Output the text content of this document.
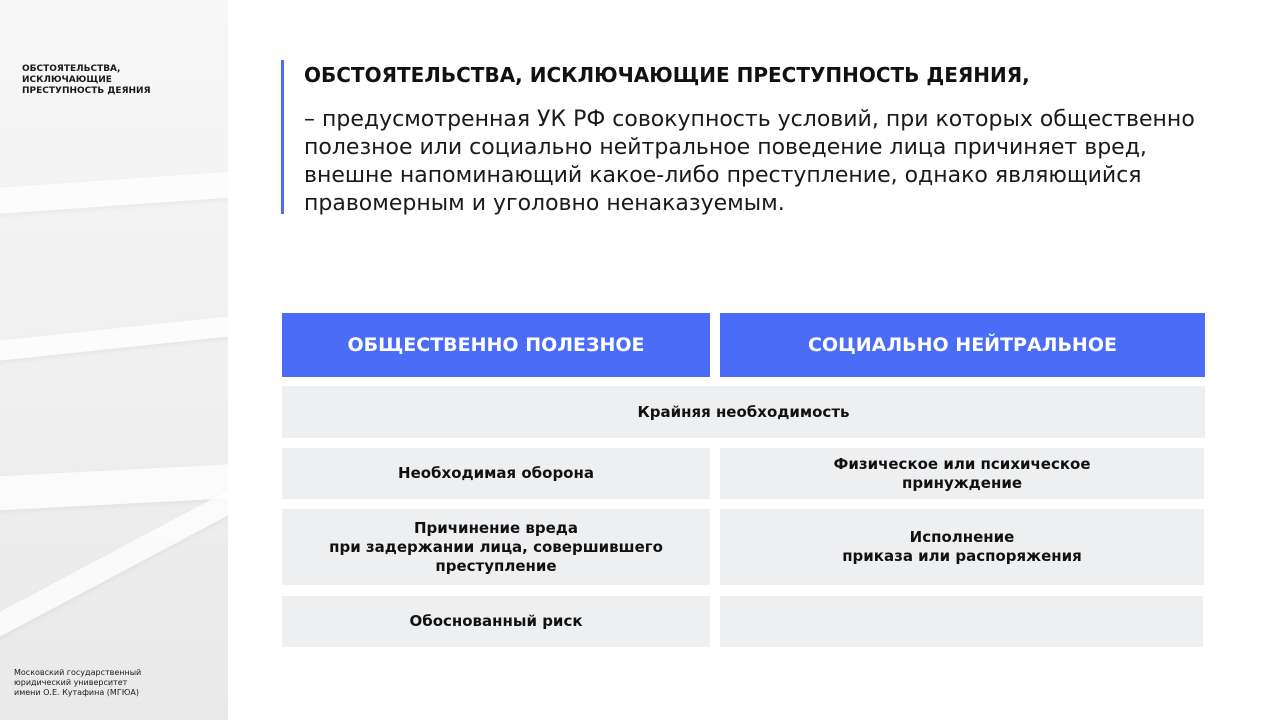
ОБСТОЯТЕЛЬСТВА,
ИСКЛЮЧАЮЩИЕ
ПРЕСТУПНОСТЬ ДЕЯНИЯ
Московский государственный
юридический университет
имени О.Е. Кутафина (МГЮА)
ОБСТОЯТЕЛЬСТВА, ИСКЛЮЧАЮЩИЕ ПРЕСТУПНОСТЬ ДЕЯНИЯ,
– предусмотренная УК РФ совокупность условий, при которых общественно полезное или социально нейтральное поведение лица причиняет вред, внешне напоминающий какое-либо преступление, однако являющийся правомерным и уголовно ненаказуемым.
ОБЩЕСТВЕННО ПОЛЕЗНОЕ	СОЦИАЛЬНО НЕЙТРАЛЬНОЕ
Крайняя необходимость
Необходимая оборона
Физическое или психическое
принуждение
Причинение вреда
при задержании лица, совершившего
преступление
Исполнение
приказа или распоряжения
Обоснованный риск
